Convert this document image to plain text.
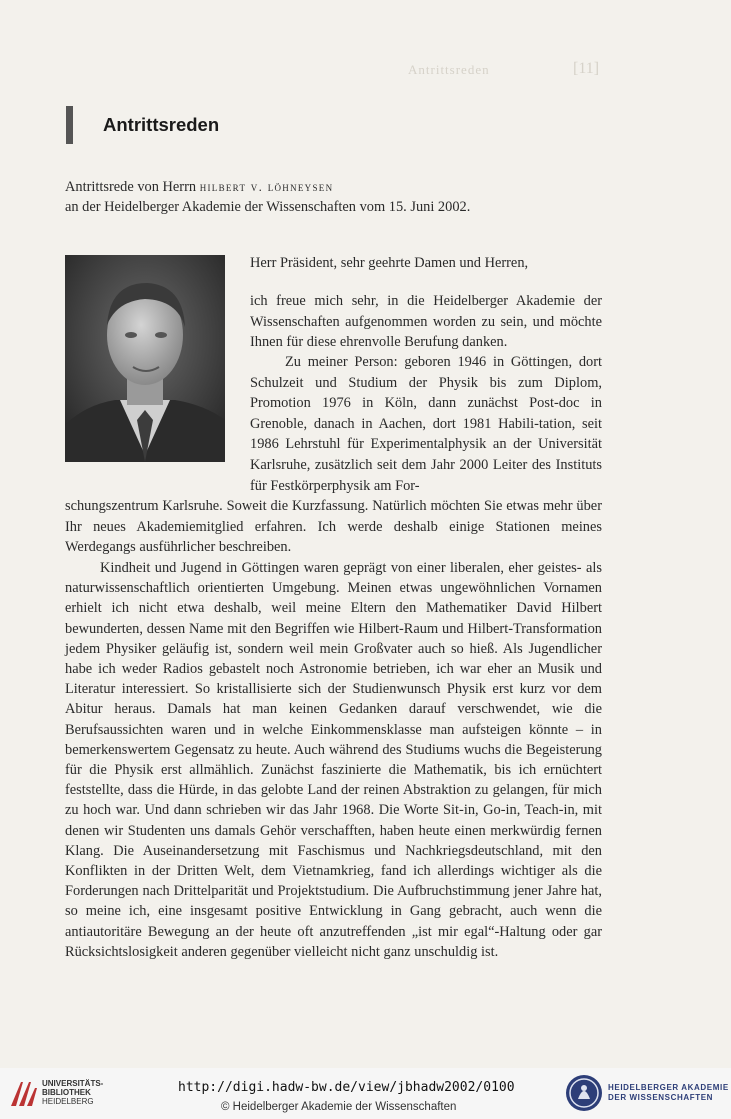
Antrittsreden	[11]
Antrittsreden
Antrittsrede von Herrn hilbert v. löhneysen
an der Heidelberger Akademie der Wissenschaften vom 15. Juni 2002.
Herr Präsident, sehr geehrte Damen und Herren,

ich freue mich sehr, in die Heidelberger Akademie der Wissenschaften aufgenommen worden zu sein, und möchte Ihnen für diese ehrenvolle Berufung danken.

Zu meiner Person: geboren 1946 in Göttingen, dort Schulzeit und Studium der Physik bis zum Diplom, Promotion 1976 in Köln, dann zunächst Post-doc in Grenoble, danach in Aachen, dort 1981 Habili-tation, seit 1986 Lehrstuhl für Experimentalphysik an der Universität Karlsruhe, zusätzlich seit dem Jahr 2000 Leiter des Instituts für Festkörperphysik am For-

schungszentrum Karlsruhe. Soweit die Kurzfassung. Natürlich möchten Sie etwas mehr über Ihr neues Akademiemitglied erfahren. Ich werde deshalb einige Stationen meines Werdegangs ausführlicher beschreiben.

Kindheit und Jugend in Göttingen waren geprägt von einer liberalen, eher geistes- als naturwissenschaftlich orientierten Umgebung. Meinen etwas ungewöhnlichen Vornamen erhielt ich nicht etwa deshalb, weil meine Eltern den Mathematiker David Hilbert bewunderten, dessen Name mit den Begriffen wie Hilbert-Raum und Hilbert-Transformation jedem Physiker geläufig ist, sondern weil mein Großvater auch so hieß. Als Jugendlicher habe ich weder Radios gebastelt noch Astronomie betrieben, ich war eher an Musik und Literatur interessiert. So kristallisierte sich der Studienwunsch Physik erst kurz vor dem Abitur heraus. Damals hat man keinen Gedanken darauf verschwendet, wie die Berufsaussichten waren und in welche Einkommensklasse man aufsteigen könnte – in bemerkenswertem Gegensatz zu heute. Auch während des Studiums wuchs die Begeisterung für die Physik erst allmählich. Zunächst faszinierte die Mathematik, bis ich ernüchtert feststellte, dass die Hürde, in das gelobte Land der reinen Abstraktion zu gelangen, für mich zu hoch war. Und dann schrieben wir das Jahr 1968. Die Worte Sit-in, Go-in, Teach-in, mit denen wir Studenten uns damals Gehör verschafften, haben heute einen merkwürdig fernen Klang. Die Auseinandersetzung mit Faschismus und Nachkriegsdeutschland, mit den Konflikten in der Dritten Welt, dem Vietnamkrieg, fand ich allerdings wichtiger als die Forderungen nach Drittelparität und Projektstudium. Die Aufbruchstimmung jener Jahre hat, so meine ich, eine insgesamt positive Entwicklung in Gang gebracht, auch wenn die antiautoritäre Bewegung an der heute oft anzutreffenden „ist mir egal“-Haltung oder gar Rücksichtslosigkeit anderen gegenüber vielleicht nicht ganz unschuldig ist.

UNIVERSITÄTS-
BIBLIOTHEK
HEIDELBERG
http://digi.hadw-bw.de/view/jbhadw2002/0100
© Heidelberger Akademie der Wissenschaften
HEIDELBERGER AKADEMIE
DER WISSENSCHAFTEN
